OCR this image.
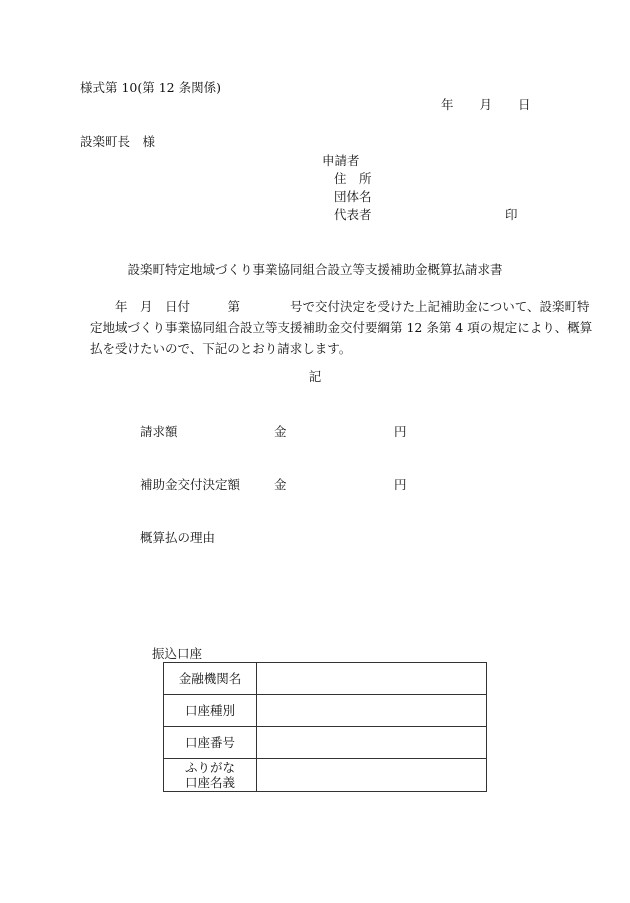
様式第 10(第 12 条関係)
年 月 日
設楽町長　様
申請者
住　所
団体名
代表者	印
設楽町特定地域づくり事業協同組合設立等支援補助金概算払請求書
年　月　日付　　　第　　　　号で交付決定を受けた上記補助金について、設楽町特
定地域づくり事業協同組合設立等支援補助金交付要綱第 12 条第 4 項の規定により、概算
払を受けたいので、下記のとおり請求します。
記
請求額	金	円
補助金交付決定額	金	円
概算払の理由
振込口座
金融機関名	
口座種別	
口座番号	

ふりがな
口座名義	
